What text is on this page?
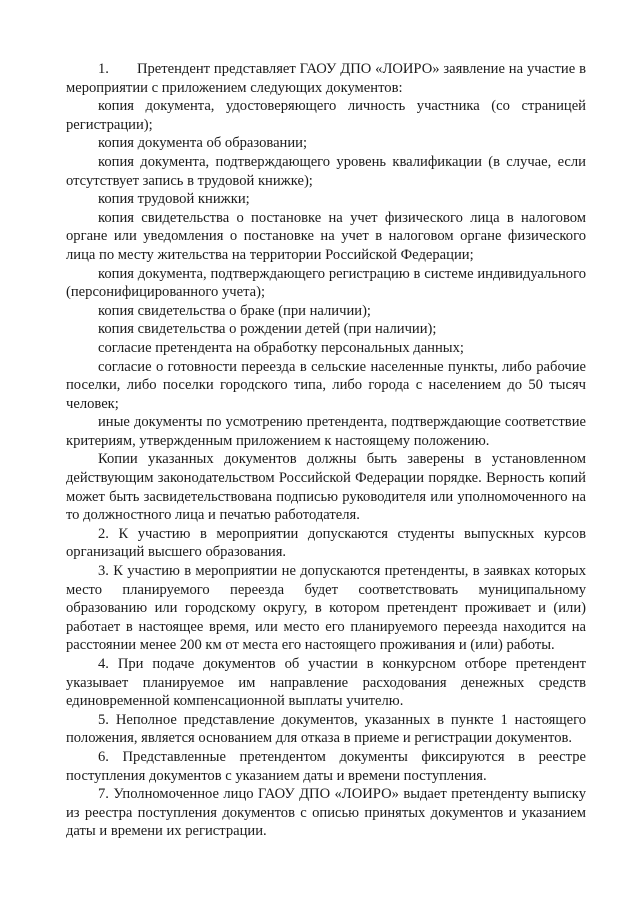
1. Претендент представляет ГАОУ ДПО «ЛОИРО» заявление на участие в мероприятии с приложением следующих документов:

копия документа, удостоверяющего личность участника (со страницей регистрации);

копия документа об образовании;

копия документа, подтверждающего уровень квалификации (в случае, если отсутствует запись в трудовой книжке);

копия трудовой книжки;

копия свидетельства о постановке на учет физического лица в налоговом органе или уведомления о постановке на учет в налоговом органе физического лица по месту жительства на территории Российской Федерации;

копия документа, подтверждающего регистрацию в системе индивидуального (персонифицированного учета);

копия свидетельства о браке (при наличии);

копия свидетельства о рождении детей (при наличии);

согласие претендента на обработку персональных данных;

согласие о готовности переезда в сельские населенные пункты, либо рабочие поселки, либо поселки городского типа, либо города с населением до 50 тысяч человек;

иные документы по усмотрению претендента, подтверждающие соответствие критериям, утвержденным приложением к настоящему положению.

Копии указанных документов должны быть заверены в установленном действующим законодательством Российской Федерации порядке. Верность копий может быть засвидетельствована подписью руководителя или уполномоченного на то должностного лица и печатью работодателя.

2. К участию в мероприятии допускаются студенты выпускных курсов организаций высшего образования.

3. К участию в мероприятии не допускаются претенденты, в заявках которых место планируемого переезда будет соответствовать муниципальному образованию или городскому округу, в котором претендент проживает и (или) работает в настоящее время, или место его планируемого переезда находится на расстоянии менее 200 км от места его настоящего проживания и (или) работы.

4. При подаче документов об участии в конкурсном отборе претендент указывает планируемое им направление расходования денежных средств единовременной компенсационной выплаты учителю.

5. Неполное представление документов, указанных в пункте 1 настоящего положения, является основанием для отказа в приеме и регистрации документов.

6. Представленные претендентом документы фиксируются в реестре поступления документов с указанием даты и времени поступления.

7. Уполномоченное лицо ГАОУ ДПО «ЛОИРО» выдает претенденту выписку из реестра поступления документов с описью принятых документов и указанием даты и времени их регистрации.
